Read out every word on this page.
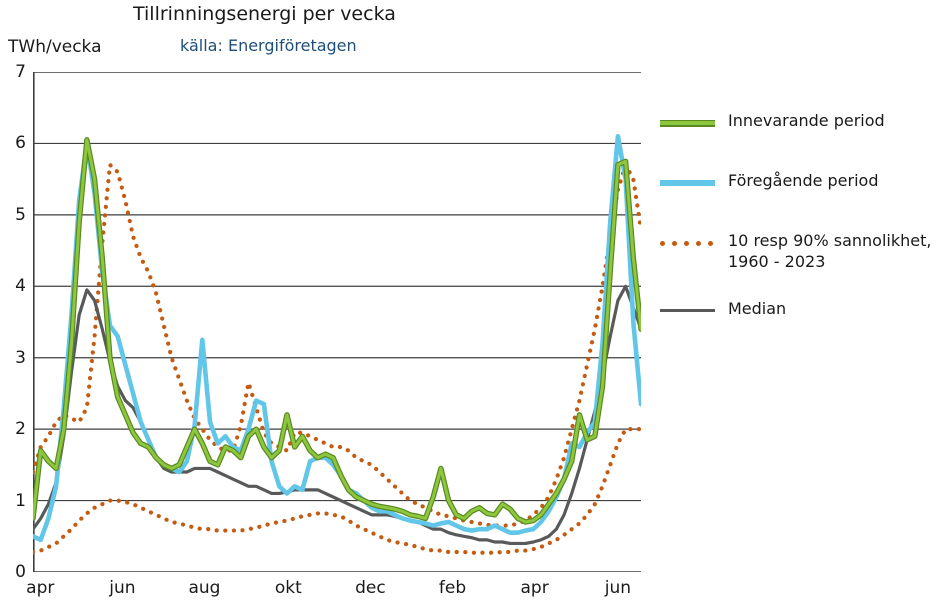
Tillrinningsenergi per vecka
källa: Energiföretagen
TWh/vecka
0
1
2
3
4
5
6
7
apr	jun	aug	okt	dec	feb	apr	jun
Innevarande period
Föregående period
10 resp 90% sannolikhet, 1960 - 2023
Median
